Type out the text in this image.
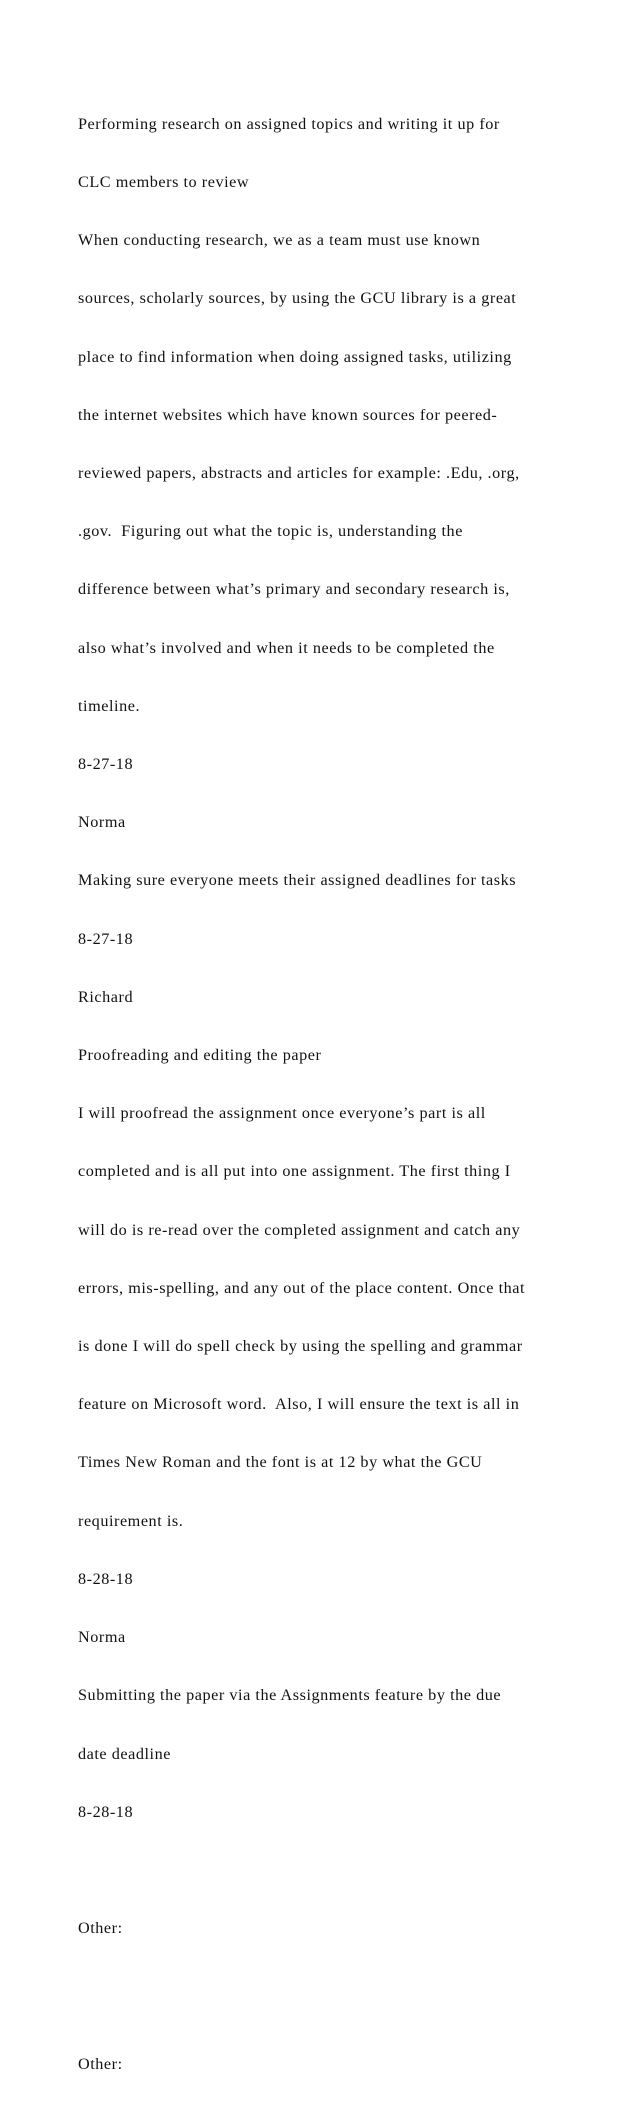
Performing research on assigned topics and writing it up for

CLC members to review

When conducting research, we as a team must use known

sources, scholarly sources, by using the GCU library is a great

place to find information when doing assigned tasks, utilizing

the internet websites which have known sources for peered-

reviewed papers, abstracts and articles for example: .Edu, .org,

.gov.  Figuring out what the topic is, understanding the

difference between what’s primary and secondary research is,

also what’s involved and when it needs to be completed the

timeline.

8-27-18

Norma

Making sure everyone meets their assigned deadlines for tasks

8-27-18

Richard

Proofreading and editing the paper

I will proofread the assignment once everyone’s part is all

completed and is all put into one assignment. The first thing I

will do is re-read over the completed assignment and catch any

errors, mis-spelling, and any out of the place content. Once that

is done I will do spell check by using the spelling and grammar

feature on Microsoft word.  Also, I will ensure the text is all in

Times New Roman and the font is at 12 by what the GCU

requirement is.

8-28-18

Norma

Submitting the paper via the Assignments feature by the due

date deadline

8-28-18

Other:

Other:
